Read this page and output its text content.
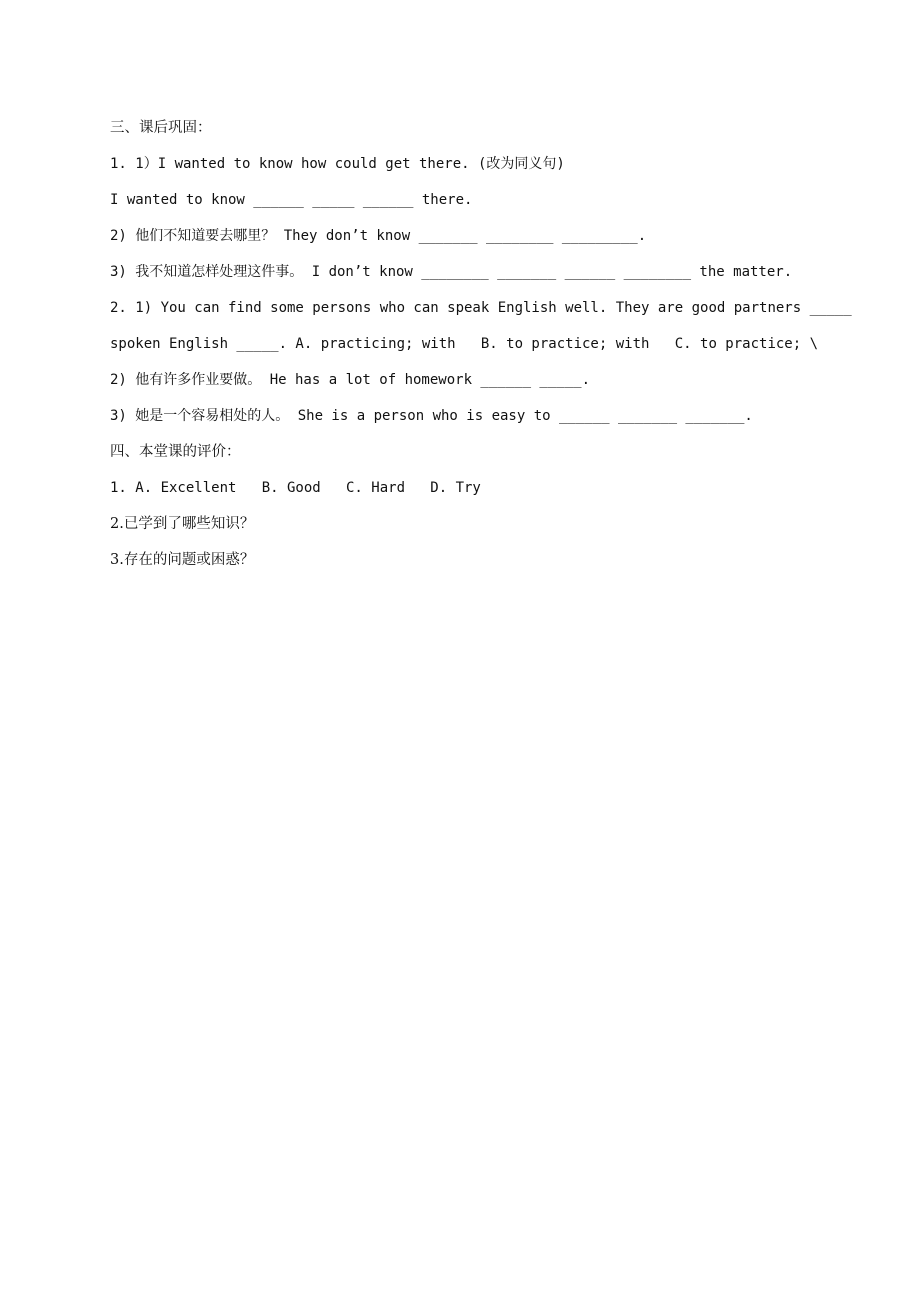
三、课后巩固：
1. 1）I wanted to know how could get there. (改为同义句)
I wanted to know ______ _____ ______ there.
2) 他们不知道要去哪里？ They don’t know _______ ________ _________.
3) 我不知道怎样处理这件事。 I don’t know ________ _______ ______ ________ the matter.
2. 1) You can find some persons who can speak English well. They are good partners _____
spoken English _____. A. practicing; with   B. to practice; with   C. to practice; \
2) 他有许多作业要做。 He has a lot of homework ______ _____.
3) 她是一个容易相处的人。 She is a person who is easy to ______ _______ _______.
四、本堂课的评价：
1. A. Excellent   B. Good   C. Hard   D. Try
2.已学到了哪些知识？
3.存在的问题或困惑？
